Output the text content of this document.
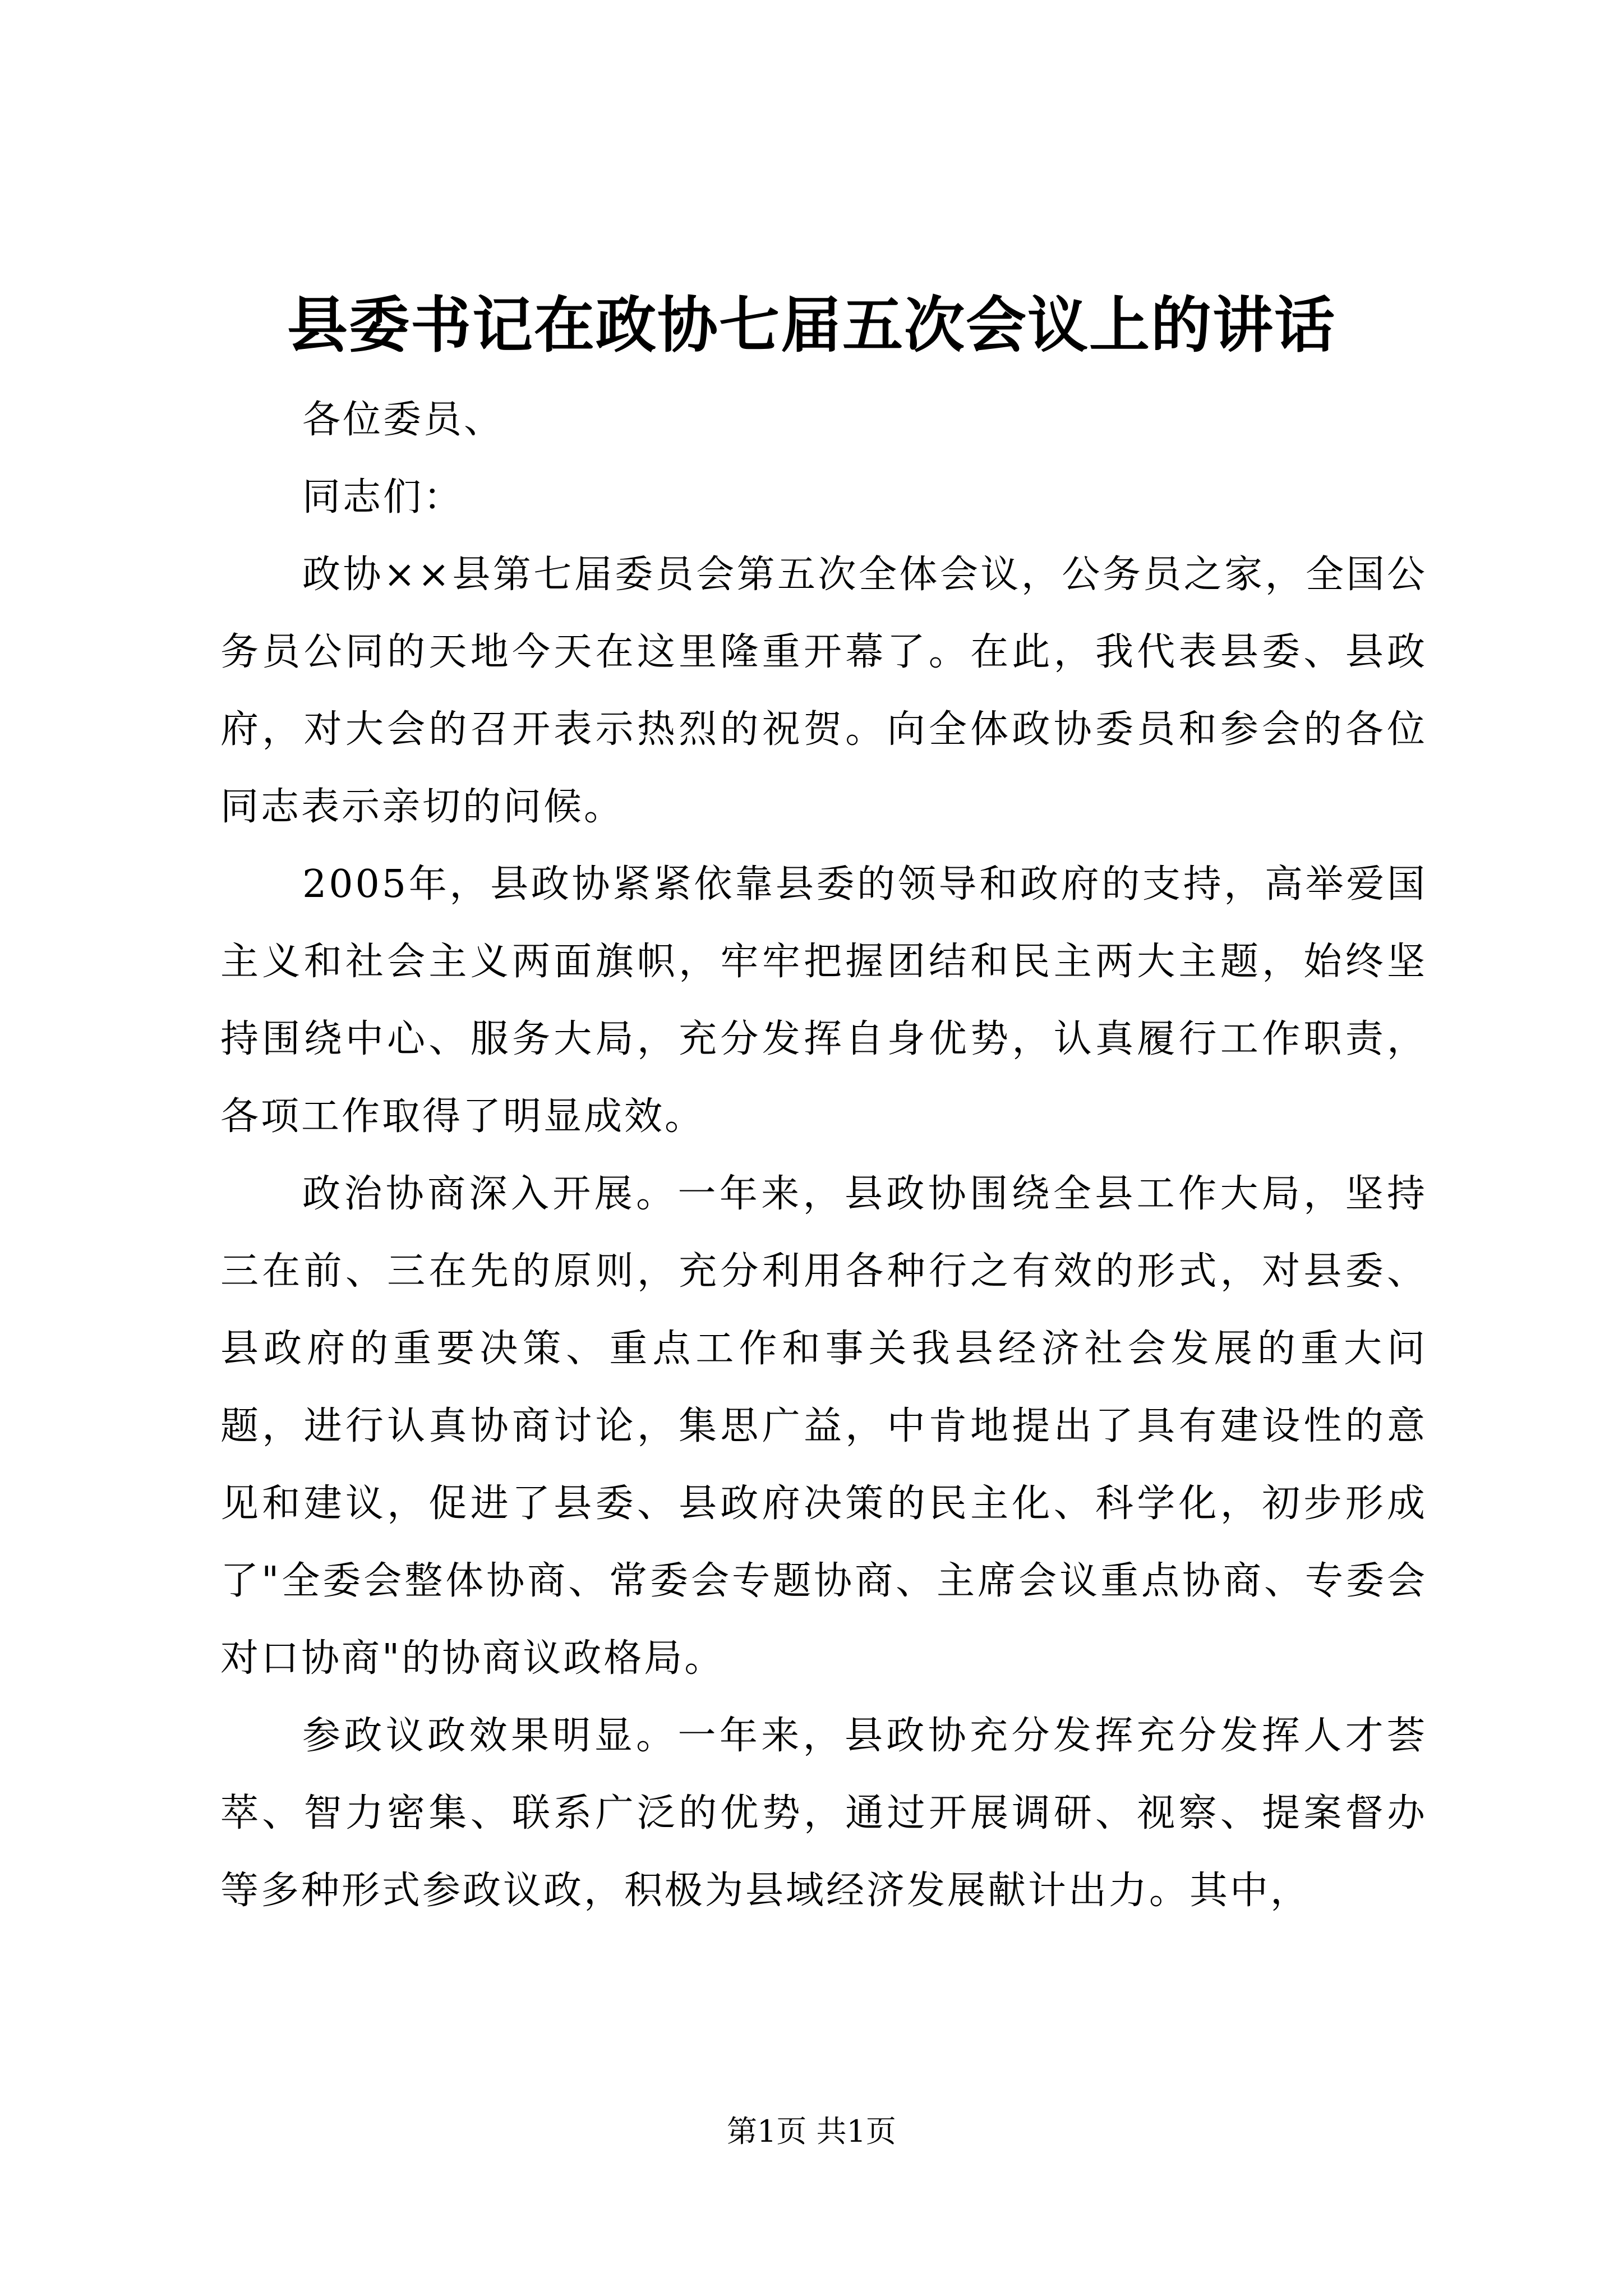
县委书记在政协七届五次会议上的讲话

各位委员、

同志们：

政协××县第七届委员会第五次全体会议，公务员之家，全国公务员公同的天地今天在这里隆重开幕了。在此，我代表县委、县政府，对大会的召开表示热烈的祝贺。向全体政协委员和参会的各位同志表示亲切的问候。

2005年，县政协紧紧依靠县委的领导和政府的支持，高举爱国主义和社会主义两面旗帜，牢牢把握团结和民主两大主题，始终坚持围绕中心、服务大局，充分发挥自身优势，认真履行工作职责，各项工作取得了明显成效。

政治协商深入开展。一年来，县政协围绕全县工作大局，坚持三在前、三在先的原则，充分利用各种行之有效的形式，对县委、县政府的重要决策、重点工作和事关我县经济社会发展的重大问题，进行认真协商讨论，集思广益，中肯地提出了具有建设性的意见和建议，促进了县委、县政府决策的民主化、科学化，初步形成了"全委会整体协商、常委会专题协商、主席会议重点协商、专委会对口协商"的协商议政格局。

参政议政效果明显。一年来，县政协充分发挥充分发挥人才荟萃、智力密集、联系广泛的优势，通过开展调研、视察、提案督办等多种形式参政议政，积极为县域经济发展献计出力。其中，

第1页 共1页
